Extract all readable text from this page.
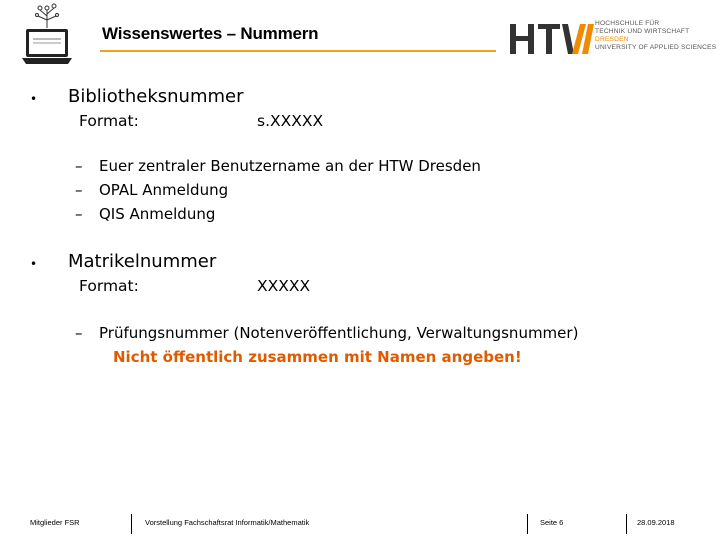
Wissenswertes – Nummern
HOCHSCHULE FÜR
TECHNIK UND WIRTSCHAFT
DRESDEN
UNIVERSITY OF APPLIED SCIENCES
• Bibliotheksnummer
Format:	s.XXXXX
– Euer zentraler Benutzername an der HTW Dresden
– OPAL Anmeldung
– QIS Anmeldung
• Matrikelnummer
Format:	XXXXX
– Prüfungsnummer (Notenveröffentlichung, Verwaltungsnummer)
Nicht öffentlich zusammen mit Namen angeben!
Mitglieder FSR	Vorstellung Fachschaftsrat Informatik/Mathematik	Seite 6	28.09.2018
